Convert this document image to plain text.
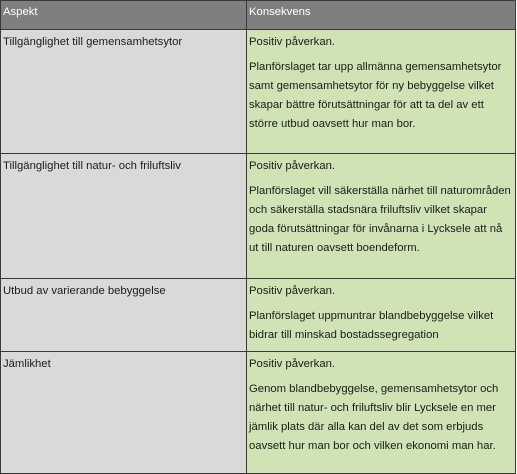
Aspekt	Konsekvens
Tillgänglighet till gemensamhetsytor	Positiv påverkan.

Planförslaget tar upp allmänna gemensamhetsytor samt gemensamhetsytor för ny bebyggelse vilket skapar bättre förutsättningar för att ta del av ett större utbud oavsett hur man bor.

Tillgänglighet till natur- och friluftsliv	Positiv påverkan.

Planförslaget vill säkerställa närhet till naturområden och säkerställa stadsnära friluftsliv vilket skapar goda förutsättningar för invånarna i Lycksele att nå ut till naturen oavsett boendeform.

Utbud av varierande bebyggelse	Positiv påverkan.

Planförslaget uppmuntrar blandbebyggelse vilket bidrar till minskad bostadssegregation

Jämlikhet	Positiv påverkan.

Genom blandbebyggelse, gemensamhetsytor och närhet till natur- och friluftsliv blir Lycksele en mer jämlik plats där alla kan del av det som erbjuds oavsett hur man bor och vilken ekonomi man har.
